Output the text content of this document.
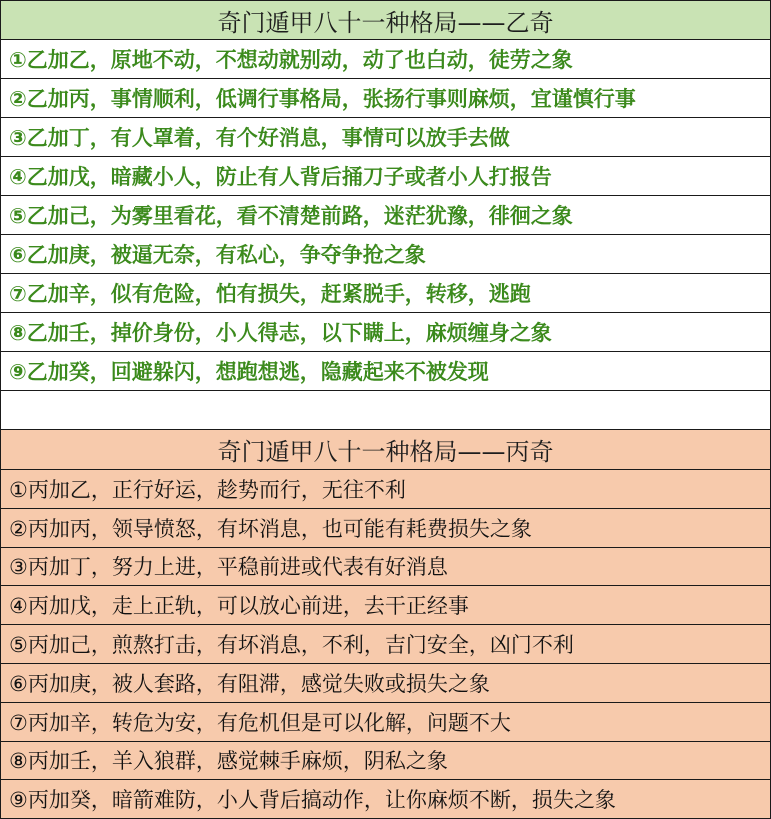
奇门遁甲八十一种格局——乙奇
①乙加乙，原地不动，不想动就别动，动了也白动，徒劳之象
②乙加丙，事情顺利，低调行事格局，张扬行事则麻烦，宜谨慎行事
③乙加丁，有人罩着，有个好消息，事情可以放手去做
④乙加戊，暗藏小人，防止有人背后捅刀子或者小人打报告
⑤乙加己，为雾里看花，看不清楚前路，迷茫犹豫，徘徊之象
⑥乙加庚，被逼无奈，有私心，争夺争抢之象
⑦乙加辛，似有危险，怕有损失，赶紧脱手，转移，逃跑
⑧乙加壬，掉价身份，小人得志，以下瞒上，麻烦缠身之象
⑨乙加癸，回避躲闪，想跑想逃，隐藏起来不被发现

奇门遁甲八十一种格局——丙奇
①丙加乙，正行好运，趁势而行，无往不利
②丙加丙，领导愤怒，有坏消息，也可能有耗费损失之象
③丙加丁，努力上进，平稳前进或代表有好消息
④丙加戊，走上正轨，可以放心前进，去干正经事
⑤丙加己，煎熬打击，有坏消息，不利，吉门安全，凶门不利
⑥丙加庚，被人套路，有阻滞，感觉失败或损失之象
⑦丙加辛，转危为安，有危机但是可以化解，问题不大
⑧丙加壬，羊入狼群，感觉棘手麻烦，阴私之象
⑨丙加癸，暗箭难防，小人背后搞动作，让你麻烦不断，损失之象
